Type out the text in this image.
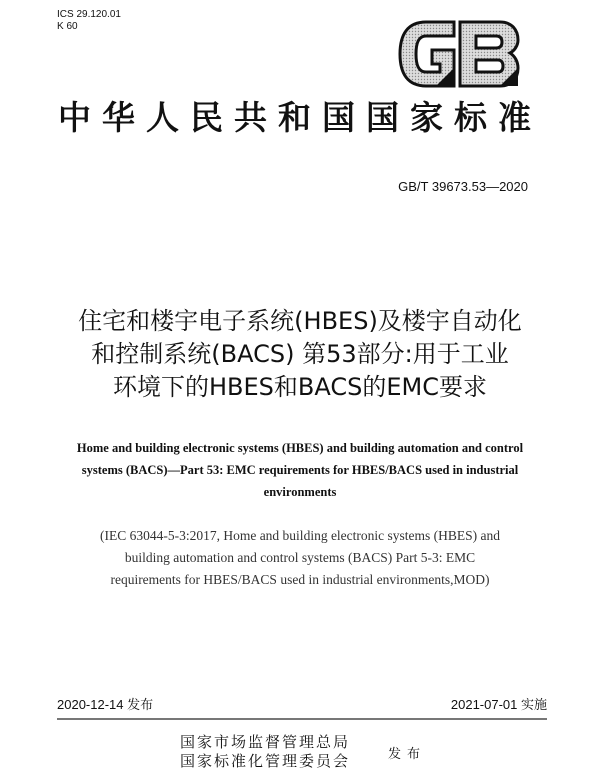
ICS 29.120.01
K 60
中华人民共和国国家标准
GB/T 39673.53—2020
住宅和楼宇电子系统(HBES)及楼宇自动化
和控制系统(BACS) 第53部分:用于工业
环境下的HBES和BACS的EMC要求
Home and building electronic systems (HBES) and building automation and control
systems (BACS)—Part 53: EMC requirements for HBES/BACS used in industrial
environments
(IEC 63044-5-3:2017, Home and building electronic systems (HBES) and
building automation and control systems (BACS) Part 5-3: EMC
requirements for HBES/BACS used in industrial environments,MOD)
2020-12-14 发布	2021-07-01 实施
国家市场监督管理总局
国家标准化管理委员会	发布
